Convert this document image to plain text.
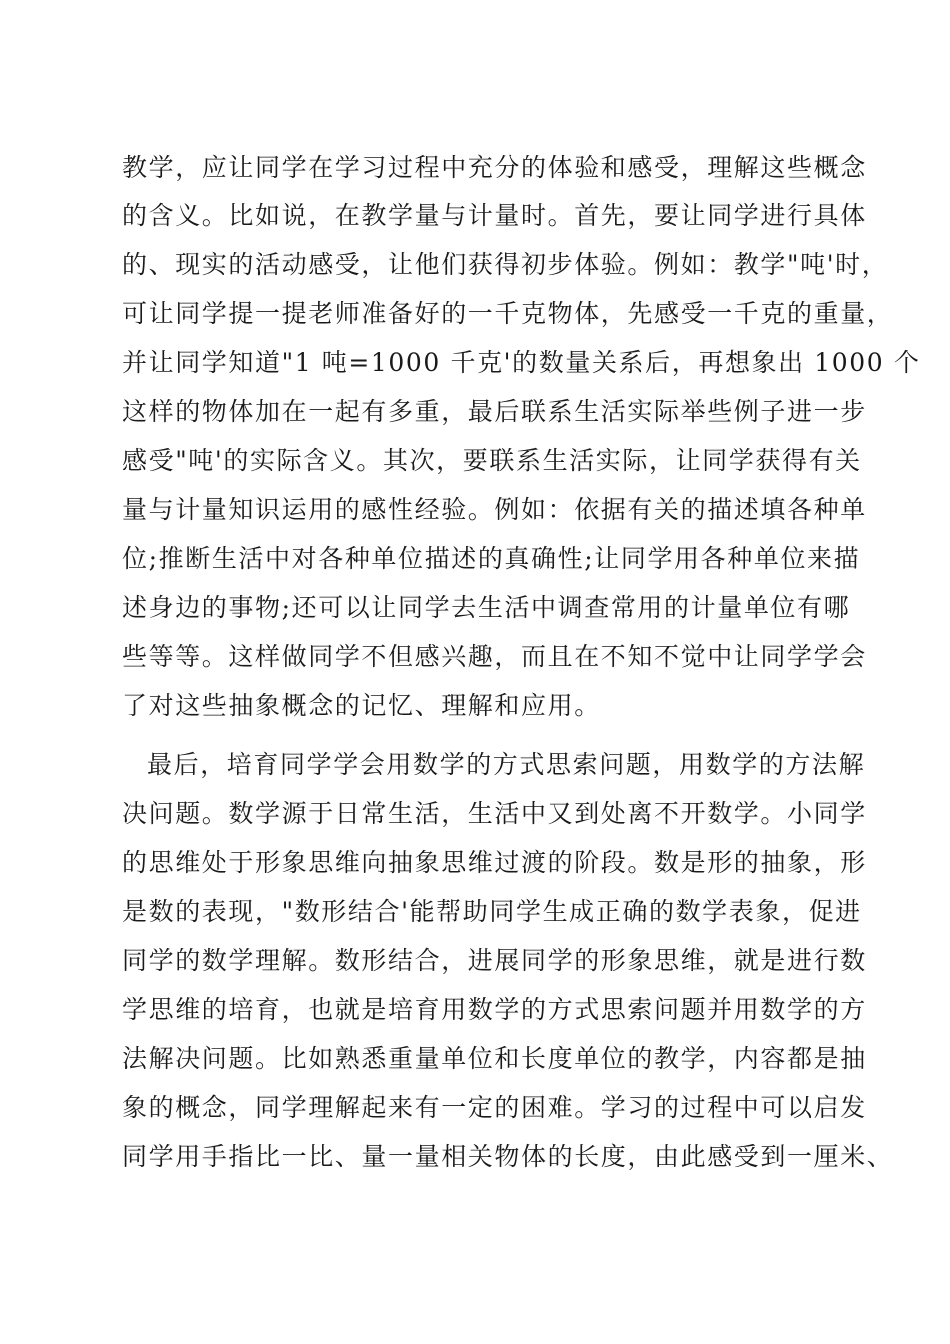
教学，应让同学在学习过程中充分的体验和感受，理解这些概念
的含义。比如说，在教学量与计量时。首先，要让同学进行具体
的、现实的活动感受，让他们获得初步体验。例如：教学"吨'时，
可让同学提一提老师准备好的一千克物体，先感受一千克的重量，
并让同学知道"1 吨=1000 千克'的数量关系后，再想象出 1000 个
这样的物体加在一起有多重，最后联系生活实际举些例子进一步
感受"吨'的实际含义。其次，要联系生活实际，让同学获得有关
量与计量知识运用的感性经验。例如：依据有关的描述填各种单
位;推断生活中对各种单位描述的真确性;让同学用各种单位来描
述身边的事物;还可以让同学去生活中调查常用的计量单位有哪
些等等。这样做同学不但感兴趣，而且在不知不觉中让同学学会
了对这些抽象概念的记忆、理解和应用。
最后，培育同学学会用数学的方式思索问题，用数学的方法解
决问题。数学源于日常生活，生活中又到处离不开数学。小同学
的思维处于形象思维向抽象思维过渡的阶段。数是形的抽象，形
是数的表现，"数形结合'能帮助同学生成正确的数学表象，促进
同学的数学理解。数形结合，进展同学的形象思维，就是进行数
学思维的培育，也就是培育用数学的方式思索问题并用数学的方
法解决问题。比如熟悉重量单位和长度单位的教学，内容都是抽
象的概念，同学理解起来有一定的困难。学习的过程中可以启发
同学用手指比一比、量一量相关物体的长度，由此感受到一厘米、
